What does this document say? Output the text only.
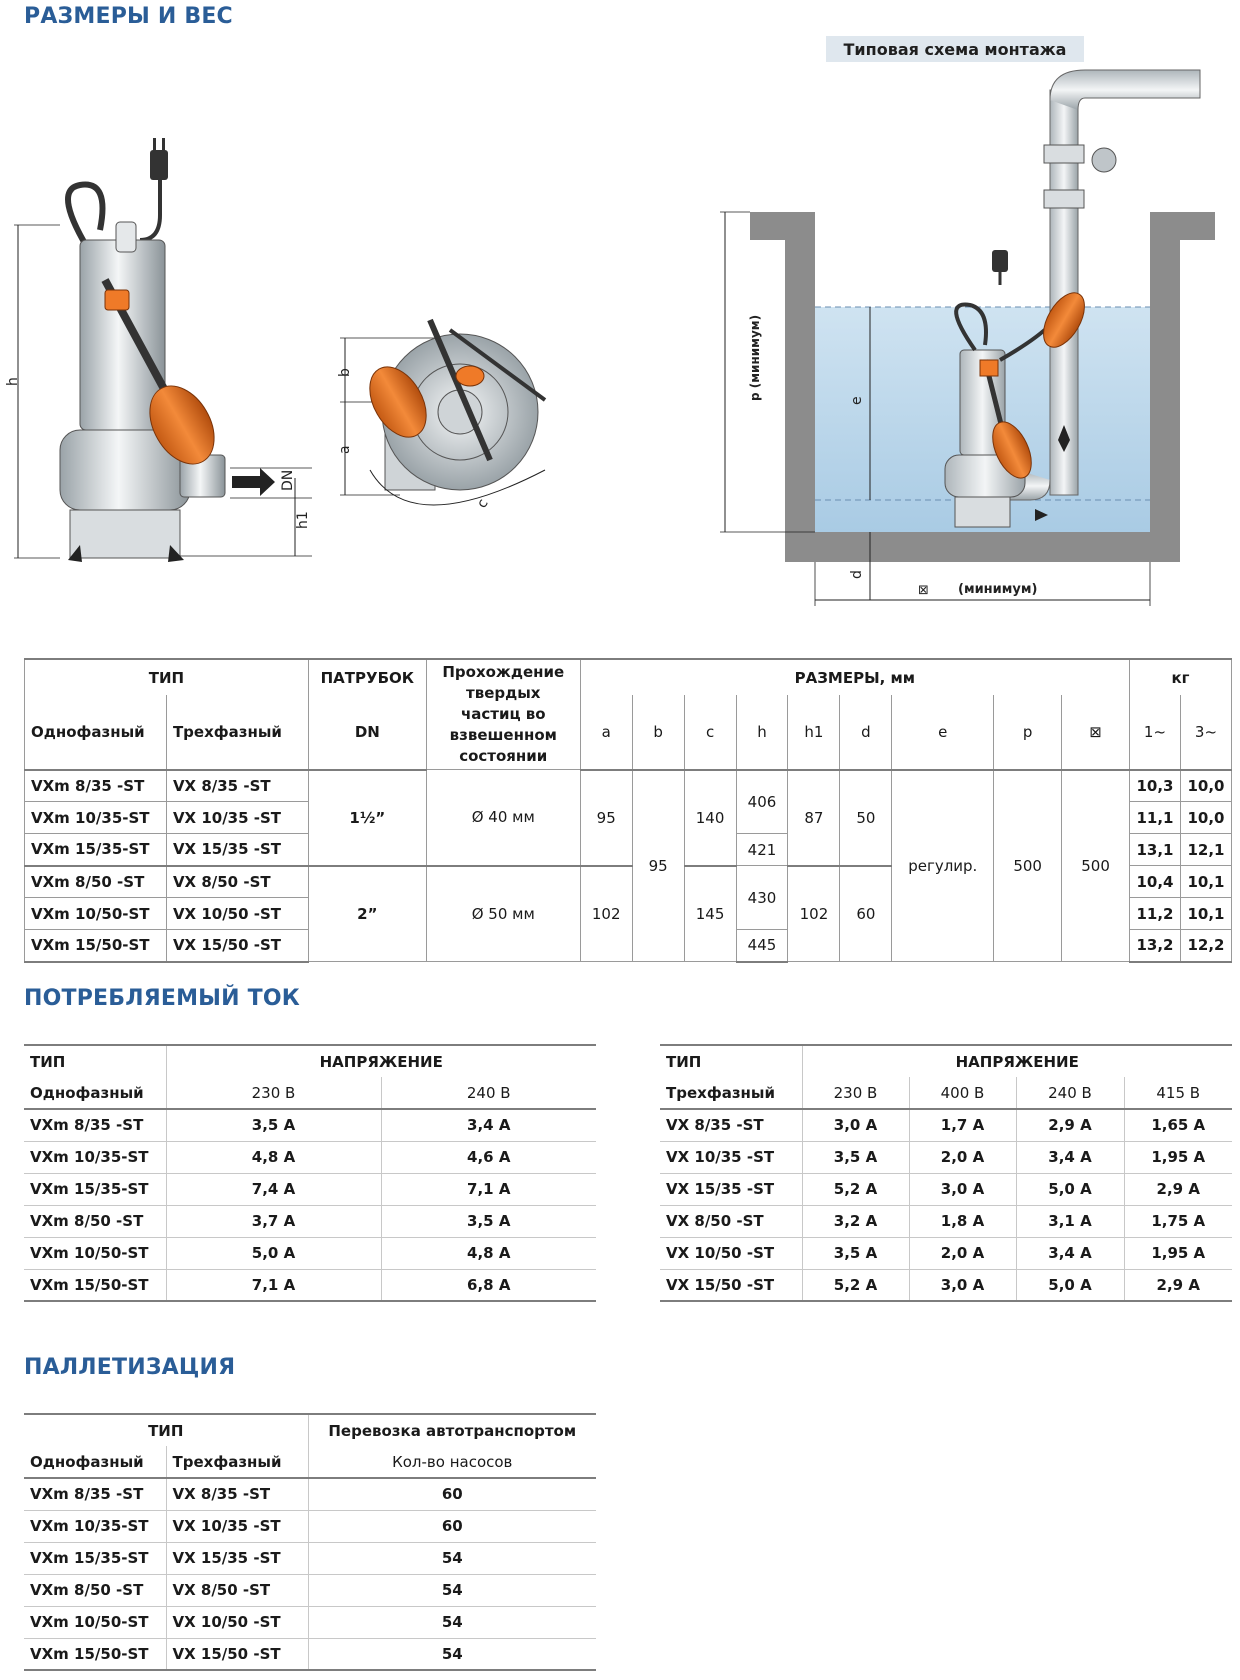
РАЗМЕРЫ И ВЕС
h
DN
h1
b
a
c
Типовая схема монтажа
p (минимум)	e
d
⊠ (минимум)
ТИП		ПАТРУБОК	Прохождение твердых частиц во взвешенном состоянии	РАЗМЕРЫ, мм									кг	
Однофазный	Трехфазный	DN		a	b	c	h	h1	d	e	p	⊠	1~	3~
VXm 8/35 -ST	VX 8/35 -ST	1½”	Ø 40 мм	95	95	140	406	87	50	регулир.	500	500	10,3	10,0
VXm 10/35-ST	VX 10/35 -ST												11,1	10,0
VXm 15/35-ST	VX 15/35 -ST						421						13,1	12,1
VXm 8/50 -ST	VX 8/50 -ST	2”	Ø 50 мм	102		145	430	102	60				10,4	10,1
VXm 10/50-ST	VX 10/50 -ST												11,2	10,1
VXm 15/50-ST	VX 15/50 -ST						445						13,2	12,2
ПОТРЕБЛЯЕМЫЙ ТОК
ТИП	НАПРЯЖЕНИЕ	
Однофазный	230 В	240 В
VXm 8/35 -ST	3,5 A	3,4 A
VXm 10/35-ST	4,8 A	4,6 A
VXm 15/35-ST	7,4 A	7,1 A
VXm 8/50 -ST	3,7 A	3,5 A
VXm 10/50-ST	5,0 A	4,8 A
VXm 15/50-ST	7,1 A	6,8 A
ТИП	НАПРЯЖЕНИЕ			
Трехфазный	230 В	400 В	240 В	415 В
VX 8/35 -ST	3,0 A	1,7 A	2,9 A	1,65 A
VX 10/35 -ST	3,5 A	2,0 A	3,4 A	1,95 A
VX 15/35 -ST	5,2 A	3,0 A	5,0 A	2,9 A
VX 8/50 -ST	3,2 A	1,8 A	3,1 A	1,75 A
VX 10/50 -ST	3,5 A	2,0 A	3,4 A	1,95 A
VX 15/50 -ST	5,2 A	3,0 A	5,0 A	2,9 A
ПАЛЛЕТИЗАЦИЯ
ТИП		Перевозка автотранспортом
Однофазный	Трехфазный	Кол-во насосов
VXm 8/35 -ST	VX 8/35 -ST	60
VXm 10/35-ST	VX 10/35 -ST	60
VXm 15/35-ST	VX 15/35 -ST	54
VXm 8/50 -ST	VX 8/50 -ST	54
VXm 10/50-ST	VX 10/50 -ST	54
VXm 15/50-ST	VX 15/50 -ST	54
